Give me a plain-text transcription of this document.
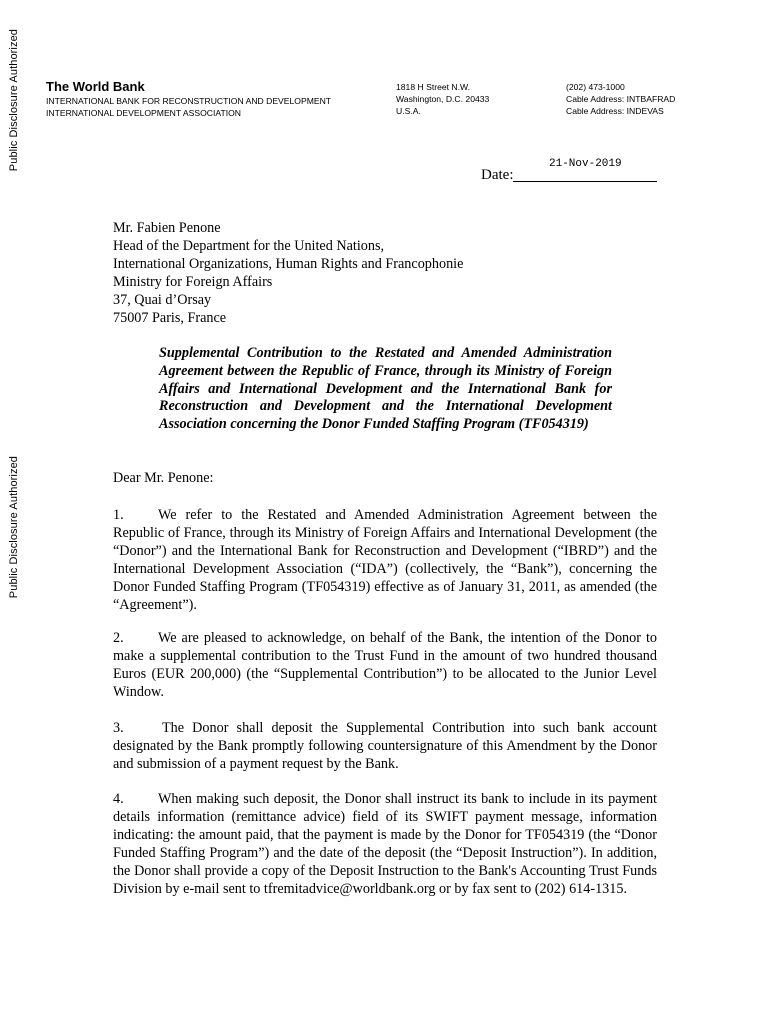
Public Disclosure Authorized
Public Disclosure Authorized
The World Bank
INTERNATIONAL BANK FOR RECONSTRUCTION AND DEVELOPMENT
INTERNATIONAL DEVELOPMENT ASSOCIATION
1818 H Street N.W.
Washington, D.C. 20433
U.S.A.
(202) 473-1000
Cable Address: INTBAFRAD
Cable Address: INDEVAS
21-Nov-2019
Date:
Mr. Fabien Penone
Head of the Department for the United Nations,
International Organizations, Human Rights and Francophonie
Ministry for Foreign Affairs
37, Quai d’Orsay
75007 Paris, France
Supplemental Contribution to the Restated and Amended Administration Agreement between the Republic of France, through its Ministry of Foreign Affairs and International Development and the International Bank for Reconstruction and Development and the International Development Association concerning the Donor Funded Staffing Program (TF054319)
Dear Mr. Penone:
1. We refer to the Restated and Amended Administration Agreement between the Republic of France, through its Ministry of Foreign Affairs and International Development (the “Donor”) and the International Bank for Reconstruction and Development (“IBRD”) and the International Development Association (“IDA”) (collectively, the “Bank”), concerning the Donor Funded Staffing Program (TF054319) effective as of January 31, 2011, as amended (the “Agreement”).
2. We are pleased to acknowledge, on behalf of the Bank, the intention of the Donor to make a supplemental contribution to the Trust Fund in the amount of two hundred thousand Euros (EUR 200,000) (the “Supplemental Contribution”) to be allocated to the Junior Level Window.
3.	The Donor shall deposit the Supplemental Contribution into such bank account designated by the Bank promptly following countersignature of this Amendment by the Donor and submission of a payment request by the Bank.
4. When making such deposit, the Donor shall instruct its bank to include in its payment details information (remittance advice) field of its SWIFT payment message, information indicating: the amount paid, that the payment is made by the Donor for TF054319 (the “Donor Funded Staffing Program”) and the date of the deposit (the “Deposit Instruction”). In addition, the Donor shall provide a copy of the Deposit Instruction to the Bank's Accounting Trust Funds Division by e-mail sent to tfremitadvice@worldbank.org or by fax sent to (202) 614-1315.
